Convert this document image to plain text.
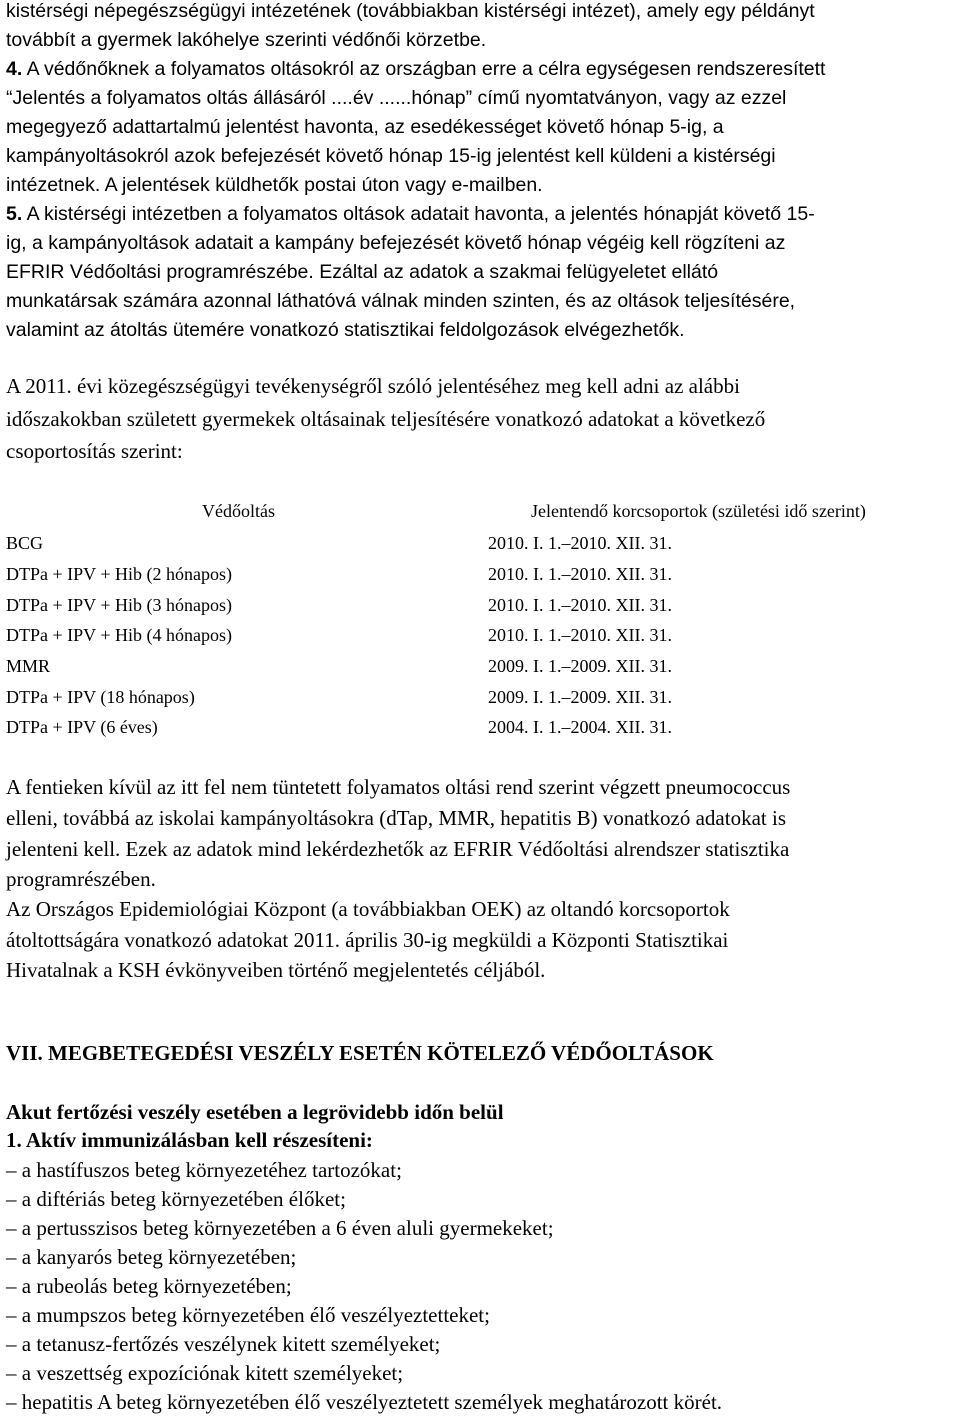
kistérségi népegészségügyi intézetének (továbbiakban kistérségi intézet), amely egy példányt
továbbít a gyermek lakóhelye szerinti védőnői körzetbe.
4. A védőnőknek a folyamatos oltásokról az országban erre a célra egységesen rendszeresített
“Jelentés a folyamatos oltás állásáról ....év ......hónap” című nyomtatványon, vagy az ezzel
megegyező adattartalmú jelentést havonta, az esedékességet követő hónap 5-ig, a
kampányoltásokról azok befejezését követő hónap 15-ig jelentést kell küldeni a kistérségi
intézetnek. A jelentések küldhetők postai úton vagy e-mailben.
5. A kistérségi intézetben a folyamatos oltások adatait havonta, a jelentés hónapját követő 15-
ig, a kampányoltások adatait a kampány befejezését követő hónap végéig kell rögzíteni az
EFRIR Védőoltási programrészébe. Ezáltal az adatok a szakmai felügyeletet ellátó
munkatársak számára azonnal láthatóvá válnak minden szinten, és az oltások teljesítésére,
valamint az átoltás ütemére vonatkozó statisztikai feldolgozások elvégezhetők.
A 2011. évi közegészségügyi tevékenységről szóló jelentéséhez meg kell adni az alábbi
időszakokban született gyermekek oltásainak teljesítésére vonatkozó adatokat a következő
csoportosítás szerint:
Védőoltás	Jelentendő korcsoportok (születési idő szerint)
BCG	2010. I. 1.–2010. XII. 31.
DTPa + IPV + Hib (2 hónapos)	2010. I. 1.–2010. XII. 31.
DTPa + IPV + Hib (3 hónapos)	2010. I. 1.–2010. XII. 31.
DTPa + IPV + Hib (4 hónapos)	2010. I. 1.–2010. XII. 31.
MMR	2009. I. 1.–2009. XII. 31.
DTPa + IPV (18 hónapos)	2009. I. 1.–2009. XII. 31.
DTPa + IPV (6 éves)	2004. I. 1.–2004. XII. 31.
A fentieken kívül az itt fel nem tüntetett folyamatos oltási rend szerint végzett pneumococcus
elleni, továbbá az iskolai kampányoltásokra (dTap, MMR, hepatitis B) vonatkozó adatokat is
jelenteni kell. Ezek az adatok mind lekérdezhetők az EFRIR Védőoltási alrendszer statisztika
programrészében.
Az Országos Epidemiológiai Központ (a továbbiakban OEK) az oltandó korcsoportok
átoltottságára vonatkozó adatokat 2011. április 30-ig megküldi a Központi Statisztikai
Hivatalnak a KSH évkönyveiben történő megjelentetés céljából.
VII. MEGBETEGEDÉSI VESZÉLY ESETÉN KÖTELEZŐ VÉDŐOLTÁSOK
Akut fertőzési veszély esetében a legrövidebb időn belül
1. Aktív immunizálásban kell részesíteni:
– a hastífuszos beteg környezetéhez tartozókat;
– a diftériás beteg környezetében élőket;
– a pertusszisos beteg környezetében a 6 éven aluli gyermekeket;
– a kanyarós beteg környezetében;
– a rubeolás beteg környezetében;
– a mumpszos beteg környezetében élő veszélyeztetteket;
– a tetanusz-fertőzés veszélynek kitett személyeket;
– a veszettség expozíciónak kitett személyeket;
– hepatitis A beteg környezetében élő veszélyeztetett személyek meghatározott körét.
